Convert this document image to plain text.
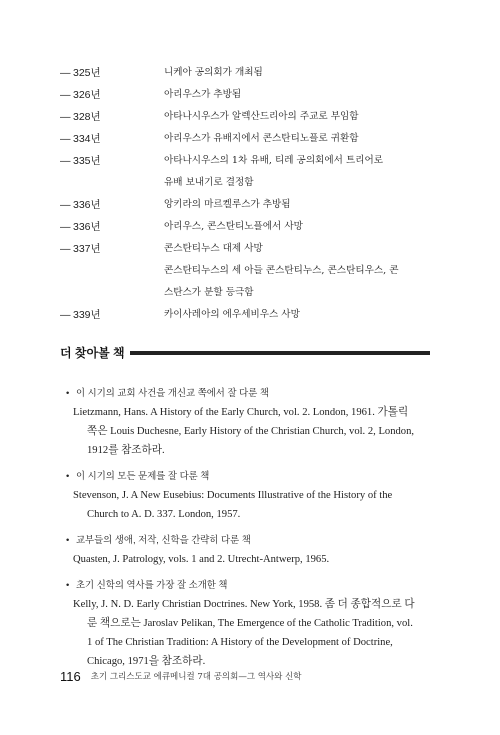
— 325년	니케아 공의회가 개최됨
— 326년	아리우스가 추방됨
— 328년	아타나시우스가 알렉산드리아의 주교로 부임함
— 334년	아리우스가 유배지에서 콘스탄티노플로 귀환함
— 335년	아타나시우스의 1차 유배, 티레 공의회에서 트리어로
유배 보내기로 결정함
— 336년	앙키라의 마르켈루스가 추방됨
— 336년	아리우스, 콘스탄티노플에서 사망
— 337년	콘스탄티누스 대제 사망
콘스탄티누스의 세 아들 콘스탄티누스, 콘스탄티우스, 콘
스탄스가 분할 등극함
— 339년	카이사레아의 에우세비우스 사망
더 찾아볼 책
• 이 시기의 교회 사건을 개신교 쪽에서 잘 다룬 책
Lietzmann, Hans. A History of the Early Church, vol. 2. London, 1961. 가톨릭
쪽은 Louis Duchesne, Early History of the Christian Church, vol. 2, London,
1912를 참조하라.
• 이 시기의 모든 문제를 잘 다룬 책
Stevenson, J. A New Eusebius: Documents Illustrative of the History of the
Church to A. D. 337. London, 1957.
• 교부들의 생애, 저작, 신학을 간략히 다룬 책
Quasten, J. Patrology, vols. 1 and 2. Utrecht-Antwerp, 1965.
• 초기 신학의 역사를 가장 잘 소개한 책
Kelly, J. N. D. Early Christian Doctrines. New York, 1958. 좀 더 종합적으로 다
룬 책으로는 Jaroslav Pelikan, The Emergence of the Catholic Tradition, vol.
1 of The Christian Tradition: A History of the Development of Doctrine,
Chicago, 1971을 참조하라.
116 초기 그리스도교 에큐메니컬 7대 공의회—그 역사와 신학
